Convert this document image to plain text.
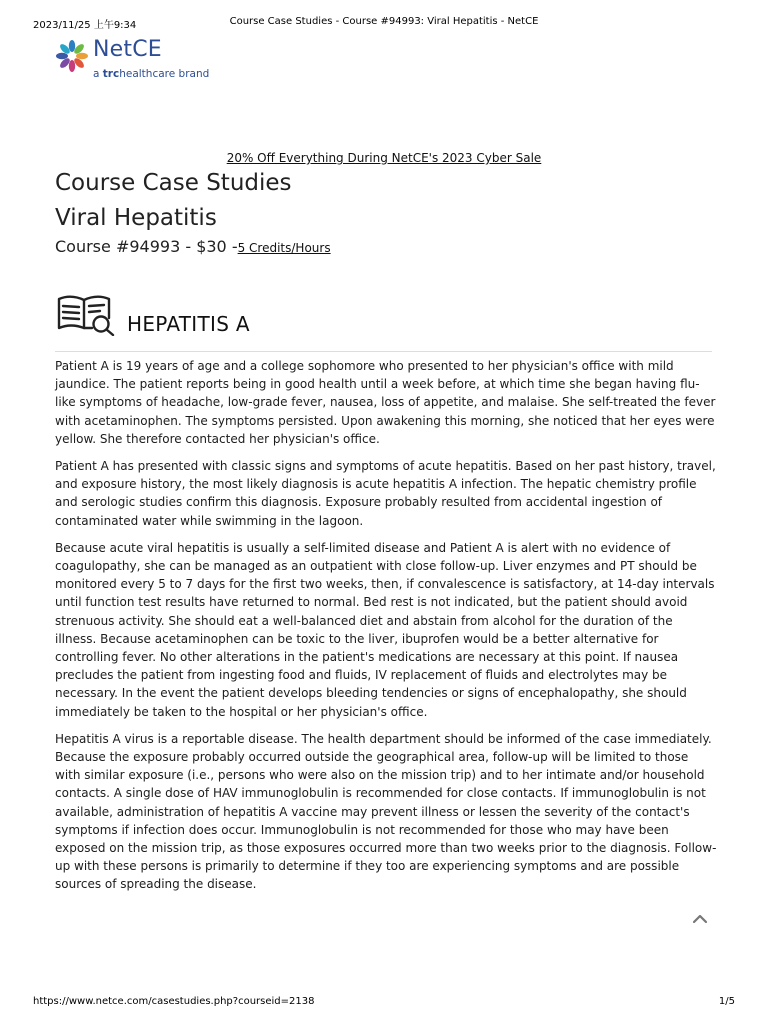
2023/11/25 上午9:34	Course Case Studies - Course #94993: Viral Hepatitis - NetCE
NetCE
a trchealthcare brand
20% Off Everything During NetCE's 2023 Cyber Sale
Course Case Studies
Viral Hepatitis
Course #94993 - $30 -5 Credits/Hours
HEPATITIS A

Patient A is 19 years of age and a college sophomore who presented to her physician's office with mild jaundice. The patient reports being in good health until a week before, at which time she began having flu-like symptoms of headache, low-grade fever, nausea, loss of appetite, and malaise. She self-treated the fever with acetaminophen. The symptoms persisted. Upon awakening this morning, she noticed that her eyes were yellow. She therefore contacted her physician's office.

Patient A has presented with classic signs and symptoms of acute hepatitis. Based on her past history, travel, and exposure history, the most likely diagnosis is acute hepatitis A infection. The hepatic chemistry profile and serologic studies confirm this diagnosis. Exposure probably resulted from accidental ingestion of contaminated water while swimming in the lagoon.

Because acute viral hepatitis is usually a self-limited disease and Patient A is alert with no evidence of coagulopathy, she can be managed as an outpatient with close follow-up. Liver enzymes and PT should be monitored every 5 to 7 days for the first two weeks, then, if convalescence is satisfactory, at 14-day intervals until function test results have returned to normal. Bed rest is not indicated, but the patient should avoid strenuous activity. She should eat a well-balanced diet and abstain from alcohol for the duration of the illness. Because acetaminophen can be toxic to the liver, ibuprofen would be a better alternative for controlling fever. No other alterations in the patient's medications are necessary at this point. If nausea precludes the patient from ingesting food and fluids, IV replacement of fluids and electrolytes may be necessary. In the event the patient develops bleeding tendencies or signs of encephalopathy, she should immediately be taken to the hospital or her physician's office.

Hepatitis A virus is a reportable disease. The health department should be informed of the case immediately. Because the exposure probably occurred outside the geographical area, follow-up will be limited to those with similar exposure (i.e., persons who were also on the mission trip) and to her intimate and/or household contacts. A single dose of HAV immunoglobulin is recommended for close contacts. If immunoglobulin is not available, administration of hepatitis A vaccine may prevent illness or lessen the severity of the contact's symptoms if infection does occur. Immunoglobulin is not recommended for those who may have been exposed on the mission trip, as those exposures occurred more than two weeks prior to the diagnosis. Follow-up with these persons is primarily to determine if they too are experiencing symptoms and are possible sources of spreading the disease.

https://www.netce.com/casestudies.php?courseid=2138	1/5
